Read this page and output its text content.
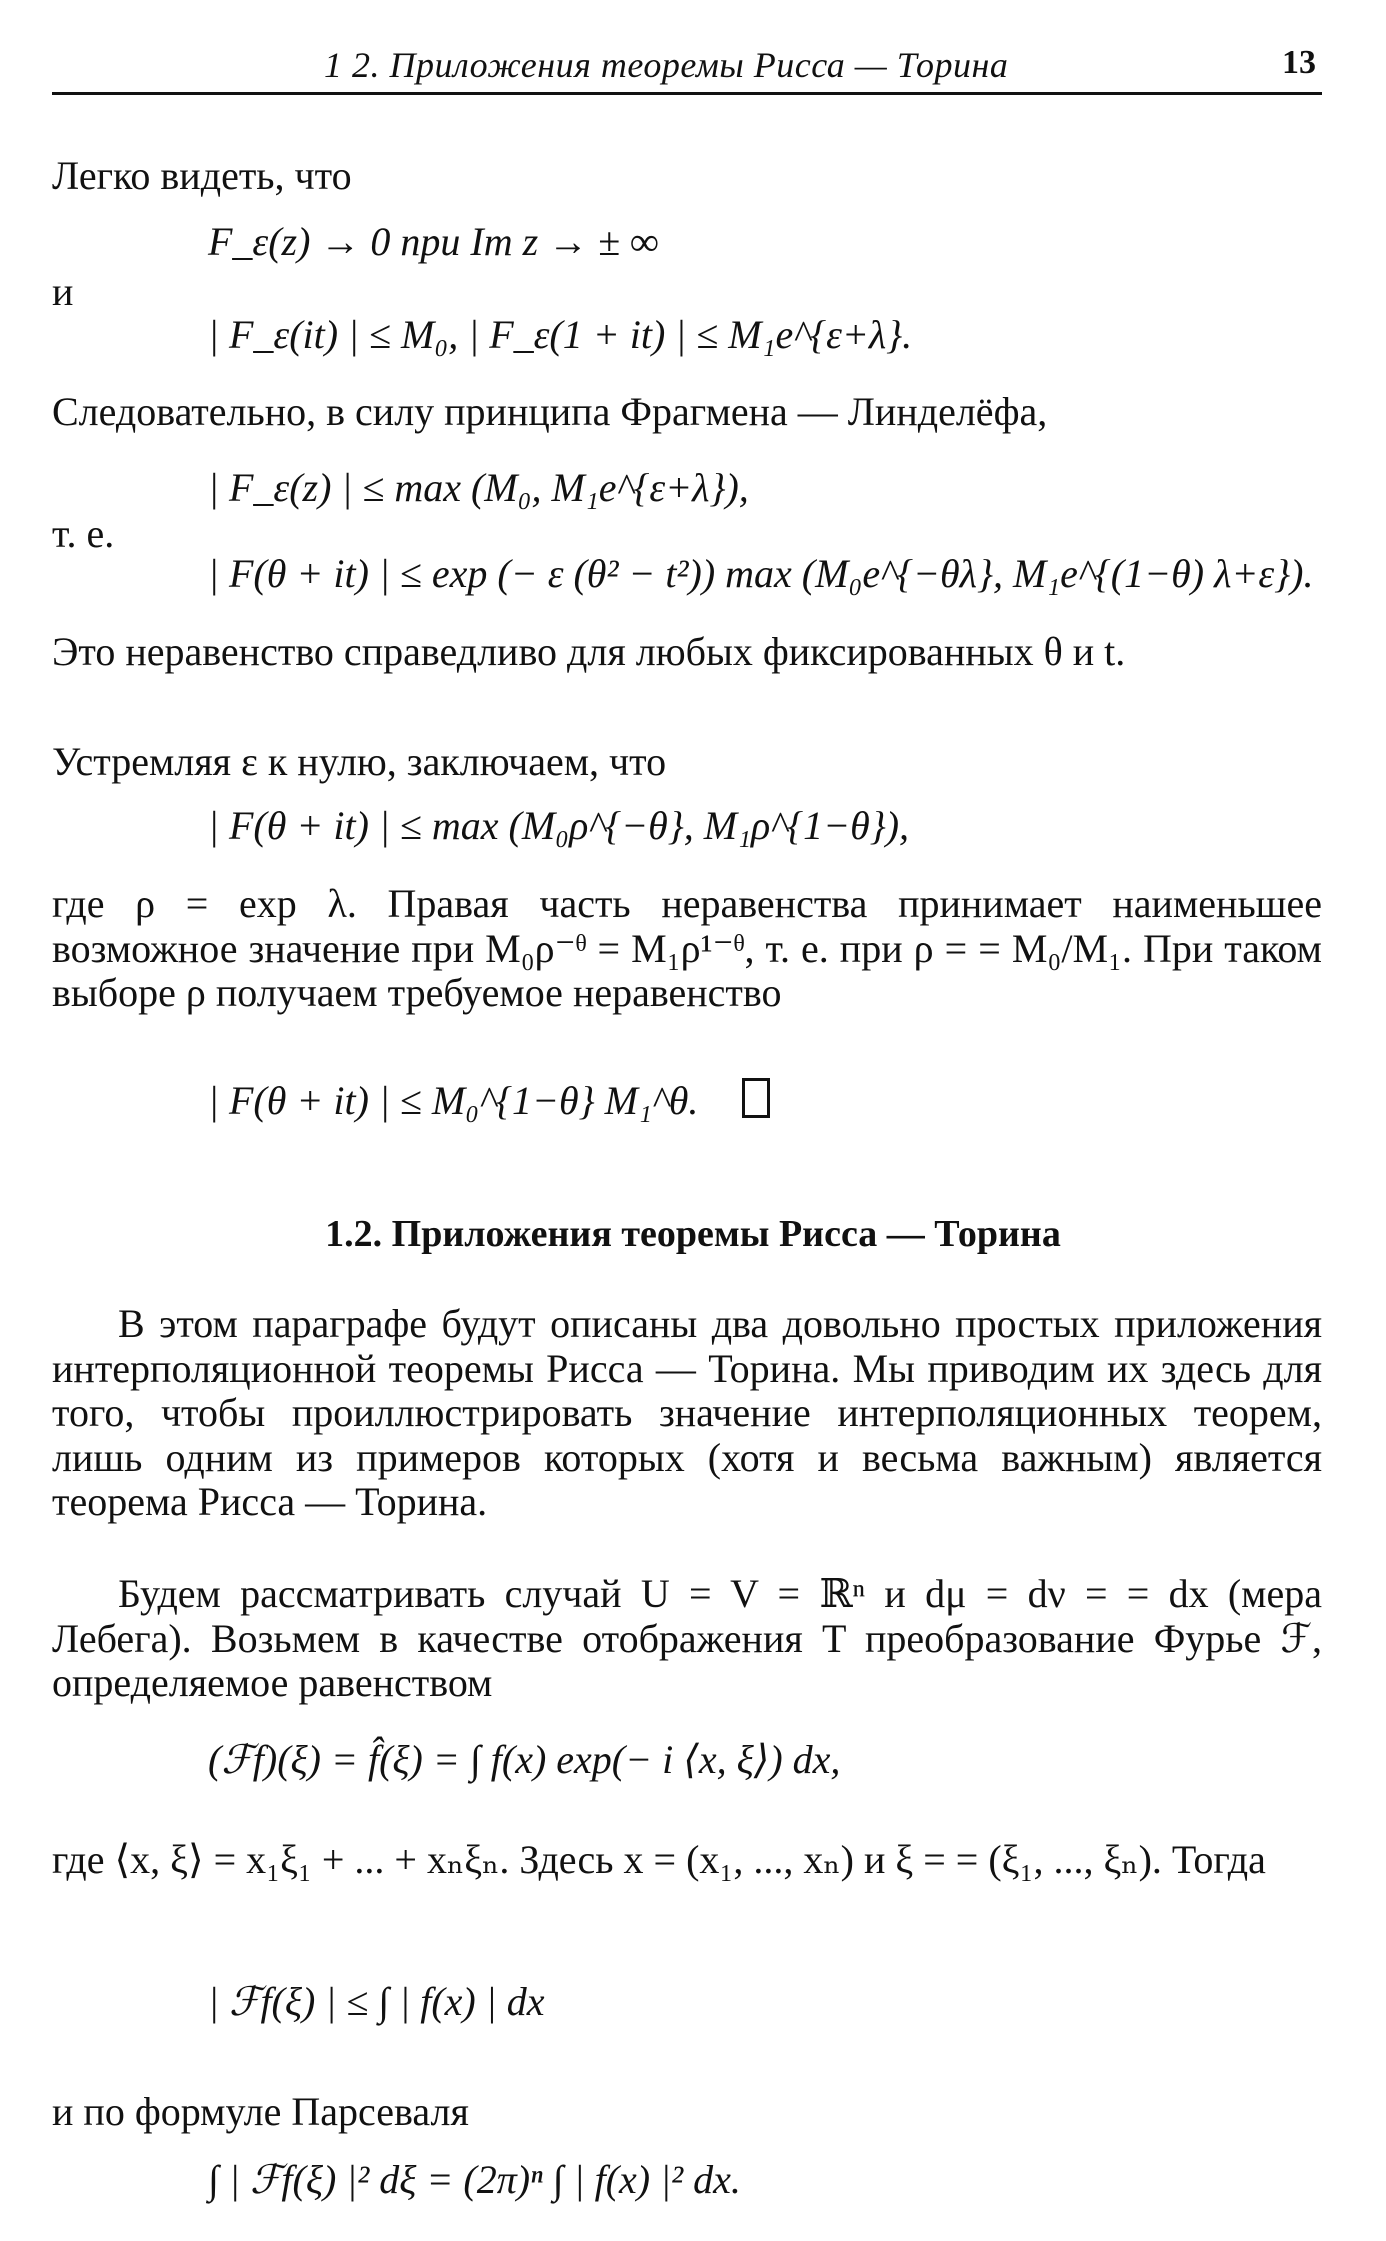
1 2. Приложения теоремы Рисса — Торина	13
Легко видеть, что
F_ε(z) → 0 при Im z → ± ∞
и
| F_ε(it) | ≤ M₀, | F_ε(1 + it) | ≤ M₁e^{ε+λ}.
Следовательно, в силу принципа Фрагмена — Линделёфа,
| F_ε(z) | ≤ max (M₀, M₁e^{ε+λ}),
т. е.
| F(θ + it) | ≤ exp (− ε (θ² − t²)) max (M₀e^{−θλ}, M₁e^{(1−θ) λ+ε}).
Это неравенство справедливо для любых фиксированных θ и t.
Устремляя ε к нулю, заключаем, что
| F(θ + it) | ≤ max (M₀ρ^{−θ}, M₁ρ^{1−θ}),
где ρ = exp λ. Правая часть неравенства принимает наименьшее возможное значение при M₀ρ⁻ᶿ = M₁ρ¹⁻ᶿ, т. е. при ρ = = M₀/M₁. При таком выборе ρ получаем требуемое неравенство
| F(θ + it) | ≤ M₀^{1−θ} M₁^θ.
1.2. Приложения теоремы Рисса — Торина
В этом параграфе будут описаны два довольно простых приложения интерполяционной теоремы Рисса — Торина. Мы приводим их здесь для того, чтобы проиллюстрировать значение интерполяционных теорем, лишь одним из примеров которых (хотя и весьма важным) является теорема Рисса — Торина.
Будем рассматривать случай U = V = ℝⁿ и dμ = dν = = dx (мера Лебега). Возьмем в качестве отображения T преобразование Фурье ℱ, определяемое равенством
(ℱf)(ξ) = f̂(ξ) = ∫ f(x) exp(− i ⟨x, ξ⟩) dx,
где ⟨x, ξ⟩ = x₁ξ₁ + ... + xₙξₙ. Здесь x = (x₁, ..., xₙ) и ξ = = (ξ₁, ..., ξₙ). Тогда
| ℱf(ξ) | ≤ ∫ | f(x) | dx
и по формуле Парсеваля
∫ | ℱf(ξ) |² dξ = (2π)ⁿ ∫ | f(x) |² dx.
